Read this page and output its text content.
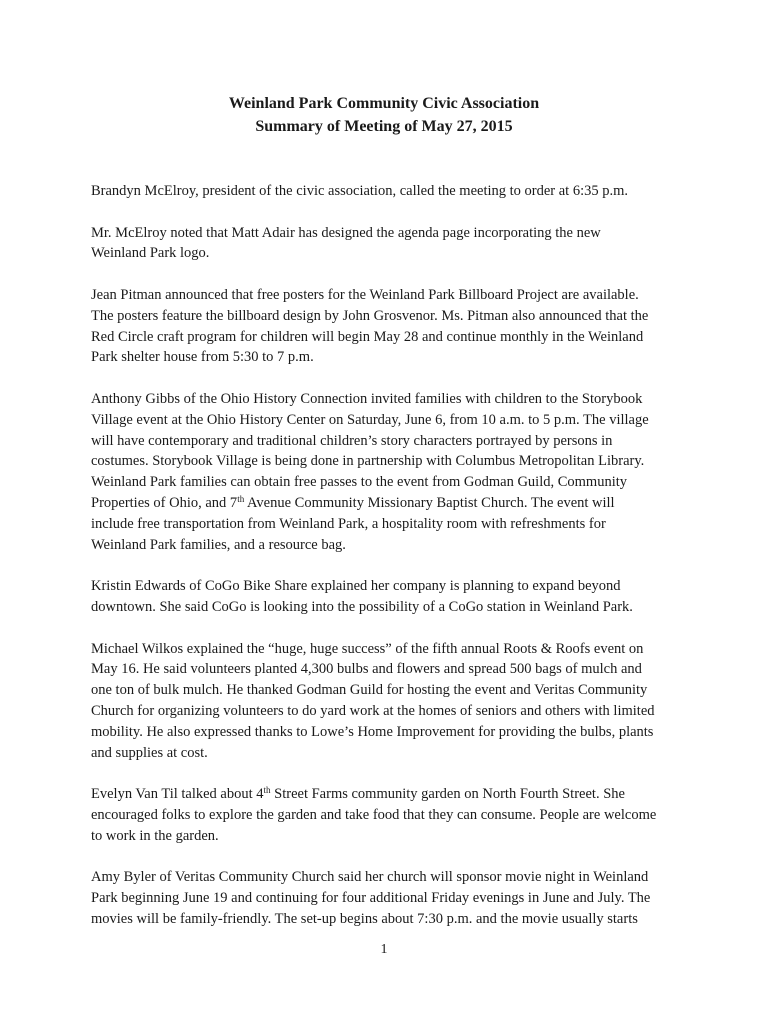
Weinland Park Community Civic Association
Summary of Meeting of May 27, 2015

Brandyn McElroy, president of the civic association, called the meeting to order at 6:35 p.m.

Mr. McElroy noted that Matt Adair has designed the agenda page incorporating the new
Weinland Park logo.

Jean Pitman announced that free posters for the Weinland Park Billboard Project are available.
The posters feature the billboard design by John Grosvenor. Ms. Pitman also announced that the
Red Circle craft program for children will begin May 28 and continue monthly in the Weinland
Park shelter house from 5:30 to 7 p.m.

Anthony Gibbs of the Ohio History Connection invited families with children to the Storybook
Village event at the Ohio History Center on Saturday, June 6, from 10 a.m. to 5 p.m. The village
will have contemporary and traditional children’s story characters portrayed by persons in
costumes. Storybook Village is being done in partnership with Columbus Metropolitan Library.
Weinland Park families can obtain free passes to the event from Godman Guild, Community
Properties of Ohio, and 7th Avenue Community Missionary Baptist Church. The event will
include free transportation from Weinland Park, a hospitality room with refreshments for
Weinland Park families, and a resource bag.

Kristin Edwards of CoGo Bike Share explained her company is planning to expand beyond
downtown. She said CoGo is looking into the possibility of a CoGo station in Weinland Park.

Michael Wilkos explained the “huge, huge success” of the fifth annual Roots & Roofs event on
May 16. He said volunteers planted 4,300 bulbs and flowers and spread 500 bags of mulch and
one ton of bulk mulch. He thanked Godman Guild for hosting the event and Veritas Community
Church for organizing volunteers to do yard work at the homes of seniors and others with limited
mobility. He also expressed thanks to Lowe’s Home Improvement for providing the bulbs, plants
and supplies at cost.

Evelyn Van Til talked about 4th Street Farms community garden on North Fourth Street. She
encouraged folks to explore the garden and take food that they can consume. People are welcome
to work in the garden.

Amy Byler of Veritas Community Church said her church will sponsor movie night in Weinland
Park beginning June 19 and continuing for four additional Friday evenings in June and July. The
movies will be family-friendly. The set-up begins about 7:30 p.m. and the movie usually starts

1
